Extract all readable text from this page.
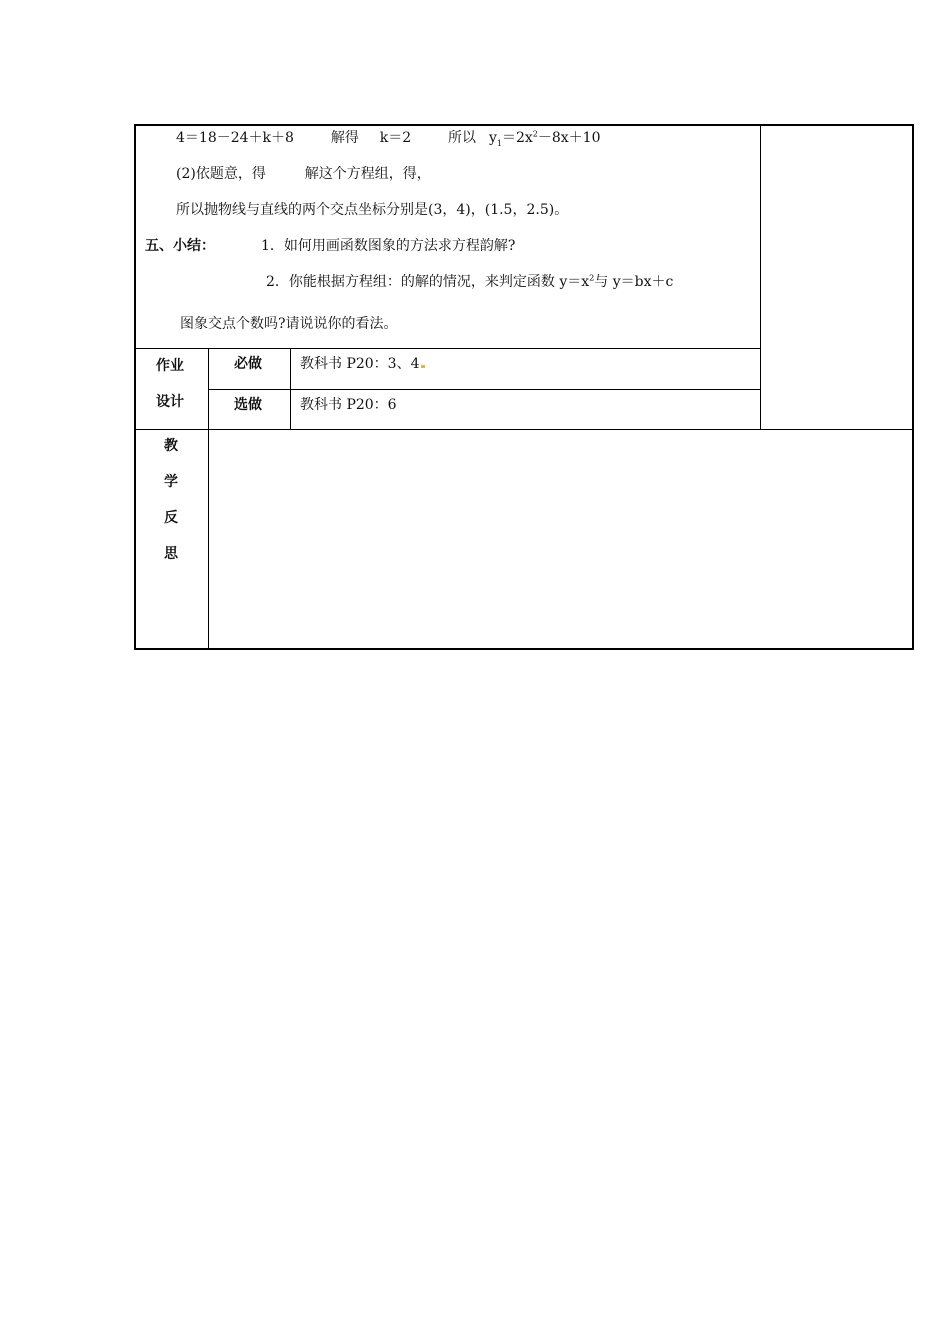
4＝18－24＋k＋8	解得 k＝2	所以 $y_1=2x^2-8x+10$
(2)依题意，得	解这个方程组，得，
所以抛物线与直线的两个交点坐标分别是(3，4)，(1.5，2.5)。
五、小结：	1．如何用画函数图象的方法求方程韵解?
2．你能根据方程组：的解的情况，来判定函数 $y=x^2$与 y＝bx＋c
图象交点个数吗?请说说你的看法。
作业
设计
必做	教科书 P20：3、4
选做	教科书 P20：6
教
学
反
思
